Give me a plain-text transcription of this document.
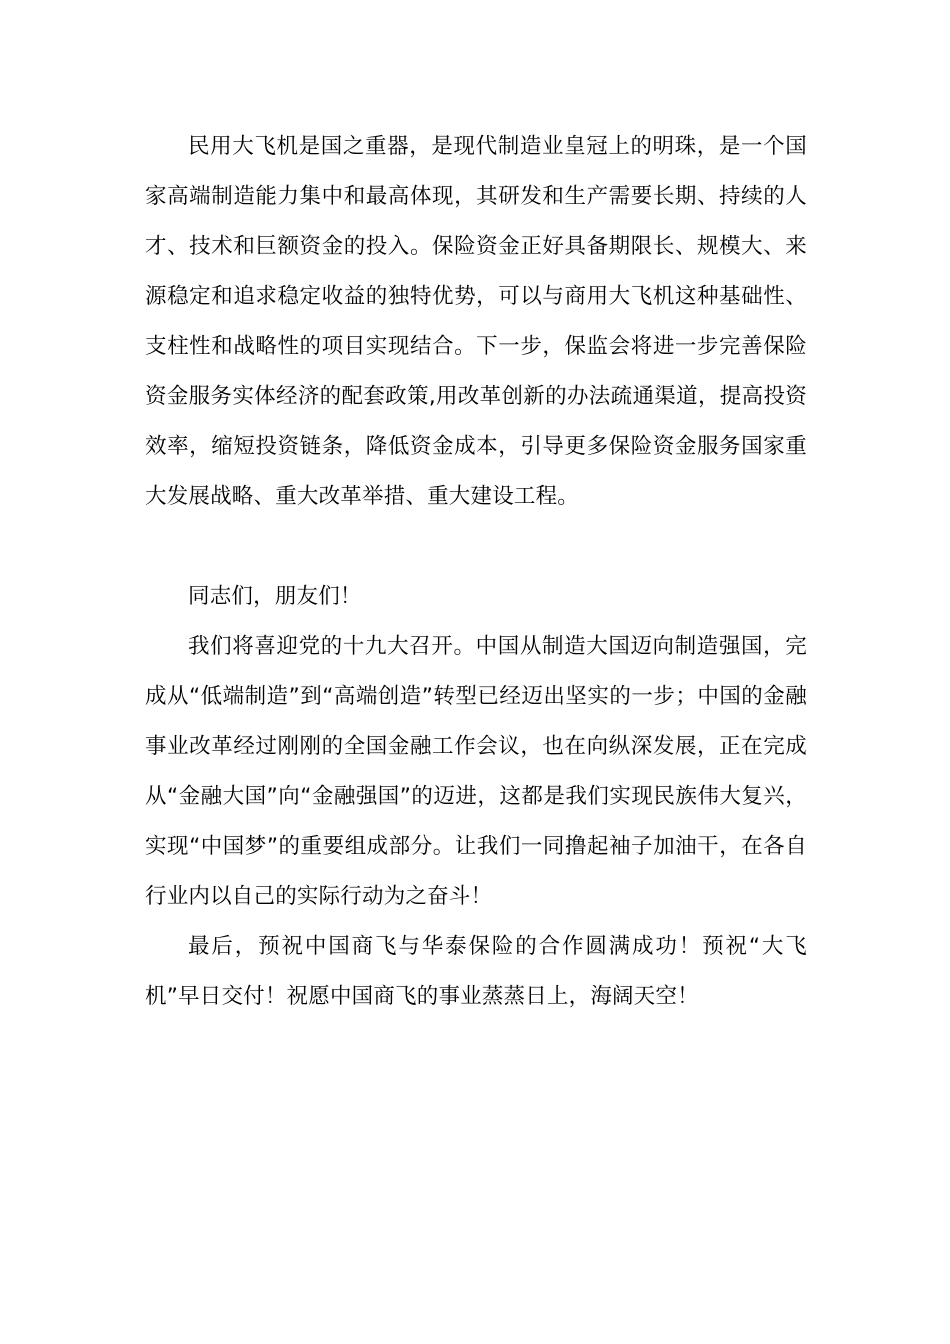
民用大飞机是国之重器，是现代制造业皇冠上的明珠，是一个国家高端制造能力集中和最高体现，其研发和生产需要长期、持续的人才、技术和巨额资金的投入。保险资金正好具备期限长、规模大、来源稳定和追求稳定收益的独特优势，可以与商用大飞机这种基础性、支柱性和战略性的项目实现结合。下一步，保监会将进一步完善保险资金服务实体经济的配套政策,用改革创新的办法疏通渠道，提高投资效率，缩短投资链条，降低资金成本，引导更多保险资金服务国家重大发展战略、重大改革举措、重大建设工程。

同志们，朋友们！

我们将喜迎党的十九大召开。中国从制造大国迈向制造强国，完成从“低端制造”到“高端创造”转型已经迈出坚实的一步；中国的金融事业改革经过刚刚的全国金融工作会议，也在向纵深发展，正在完成从“金融大国”向“金融强国”的迈进，这都是我们实现民族伟大复兴，实现“中国梦”的重要组成部分。让我们一同撸起袖子加油干，在各自行业内以自己的实际行动为之奋斗！

最后，预祝中国商飞与华泰保险的合作圆满成功！预祝“大飞机”早日交付！祝愿中国商飞的事业蒸蒸日上，海阔天空！
